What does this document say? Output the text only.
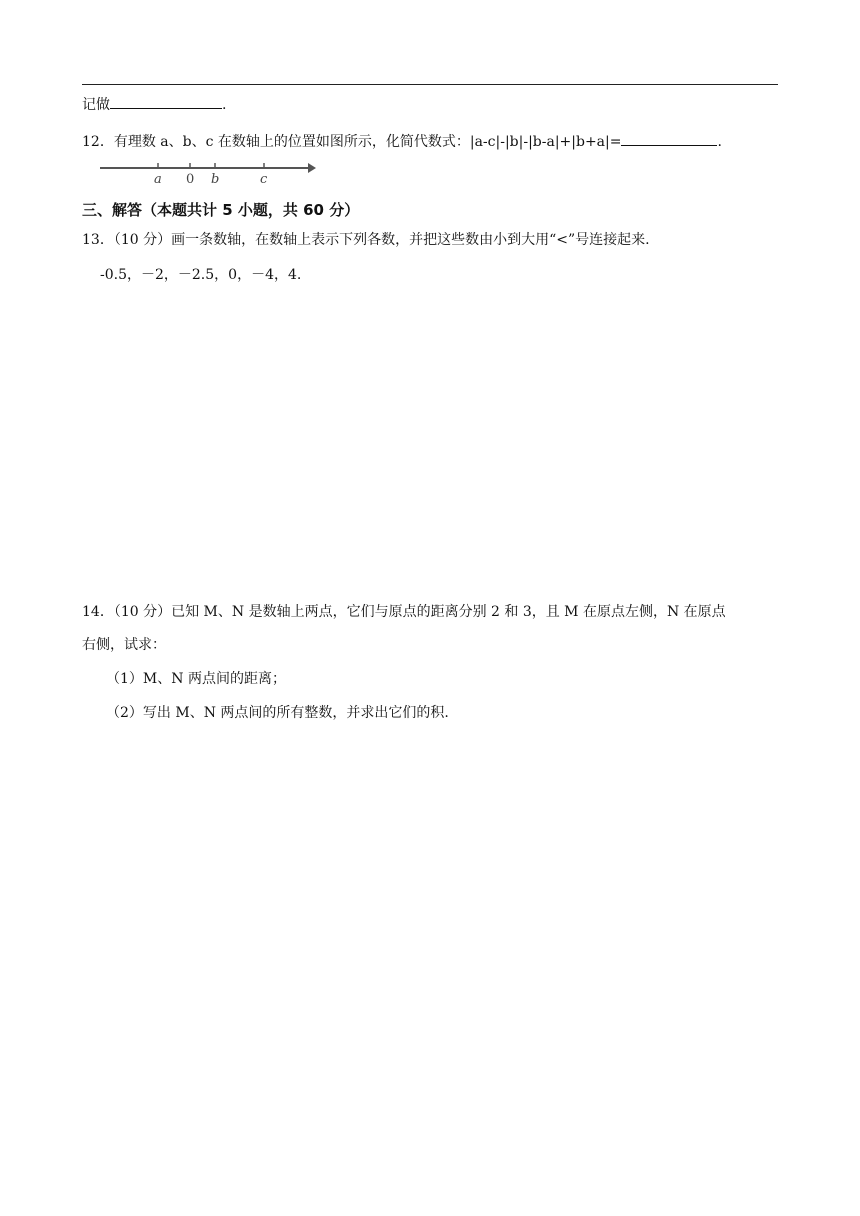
记做	.
12．有理数 a、b、c 在数轴上的位置如图所示，化简代数式：|a-c|-|b|-|b-a|+|b+a|=	.
a 0 b	c
三、解答（本题共计 5 小题，共 60 分）
13．（10 分）画一条数轴，在数轴上表示下列各数，并把这些数由小到大用“<”号连接起来.
-0.5，－2，－2.5，0，－4，4.
14．（10 分）已知 M、N 是数轴上两点，它们与原点的距离分别 2 和 3，且 M 在原点左侧，N 在原点
右侧，试求：
（1）M、N 两点间的距离；
（2）写出 M、N 两点间的所有整数，并求出它们的积.
